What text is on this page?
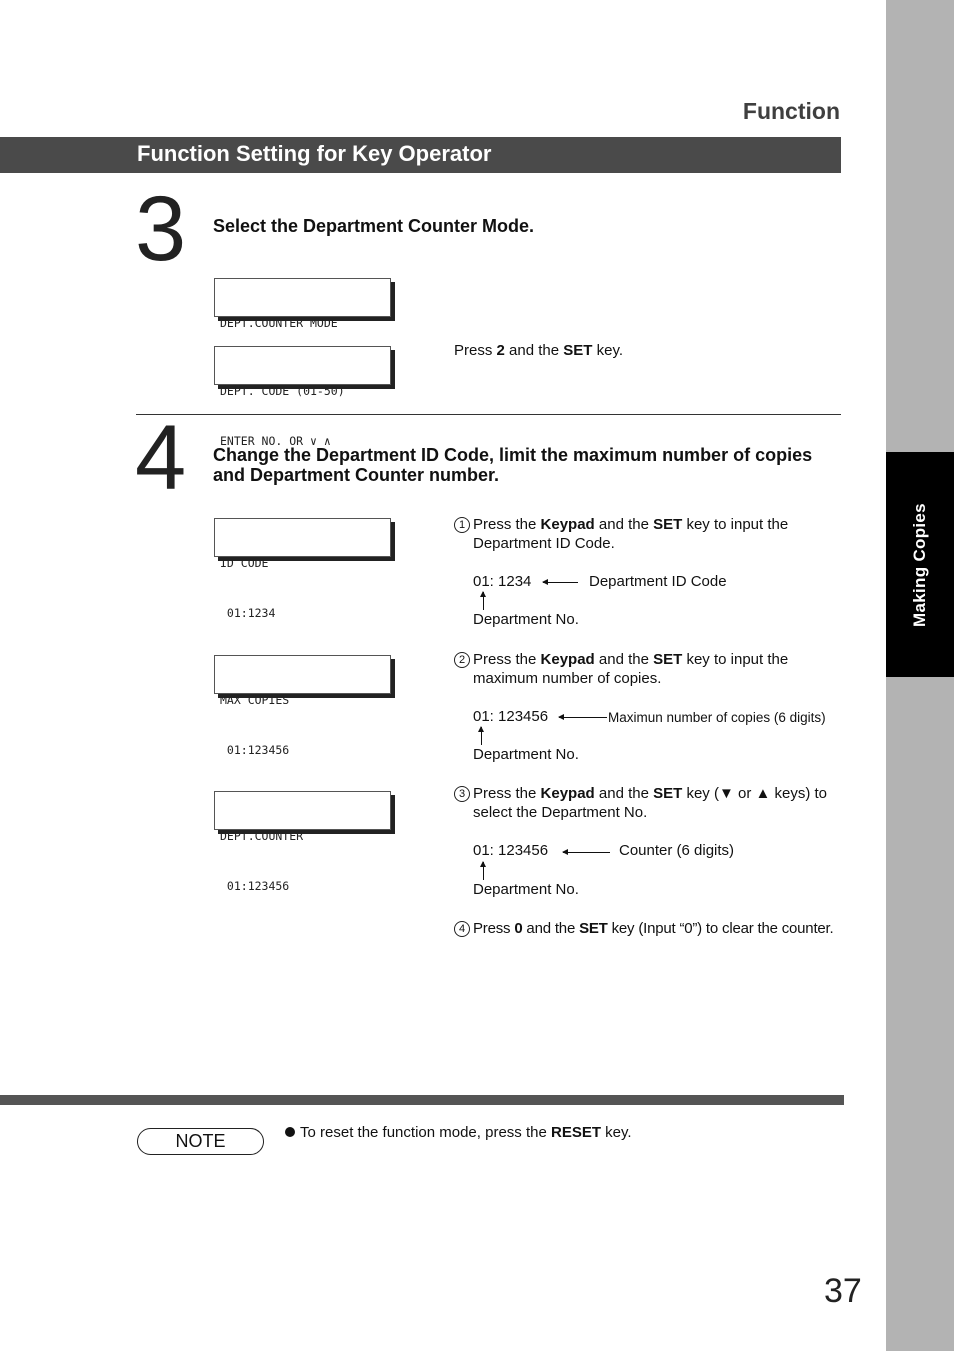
Making Copies
Function
Function Setting for Key Operator
3 Select the Department Counter Mode.

DEPT.COUNTER MODE

DEPT. CODE (01-50)

ENTER NO. OR ∨ ∧

Press 2 and the SET key.
4 Change the Department ID Code, limit the maximum number of copies
and Department Counter number.

ID CODE

01:1234

1 Press the Keypad and the SET key to input the
Department ID Code.
01: 1234	Department ID Code
Department No.

MAX COPIES

01:123456

2 Press the Keypad and the SET key to input the
maximum number of copies.
01: 123456	Maximun number of copies (6 digits)
Department No.

DEPT.COUNTER

01:123456

3 Press the Keypad and the SET key (▼ or ▲ keys) to
select the Department No.
01: 123456	Counter (6 digits)
Department No.
4 Press 0 and the SET key (Input “0”) to clear the counter.
NOTE	To reset the function mode, press the RESET key.
37
